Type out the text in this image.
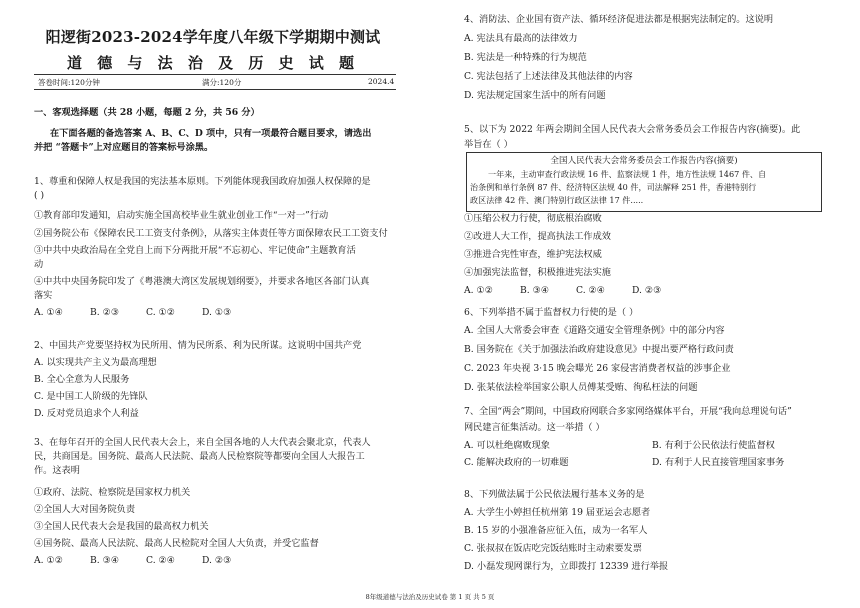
阳逻街2023-2024学年度八年级下学期期中测试
道 德 与 法 治 及 历 史 试 题
答卷时间:120分钟	满分:120分	2024.4
一、客观选择题（共 28 小题，每题 2 分，共 56 分）
在下面各题的备选答案 A、B、C、D 项中，只有一项最符合题目要求，请选出
并把 “答题卡”上对应题目的答案标号涂黑。
1、尊重和保障人权是我国的宪法基本原则。下列能体现我国政府加强人权保障的是
( )
①教育部印发通知，启动实施全国高校毕业生就业创业工作“一对一”行动
②国务院公布《保障农民工工资支付条例》，从落实主体责任等方面保障农民工工资支付
③中共中央政治局在全党自上而下分两批开展“不忘初心、牢记使命”主题教育活
动
④中共中央国务院印发了《粤港澳大湾区发展规划纲要》，并要求各地区各部门认真
落实
A. ①④	B. ②③	C. ①②	D. ①③
2、中国共产党要坚持权为民所用、情为民所系、利为民所谋。这说明中国共产党
A. 以实现共产主义为最高理想
B. 全心全意为人民服务
C. 是中国工人阶级的先锋队
D. 反对党员追求个人利益
3、在每年召开的全国人民代表大会上，来自全国各地的人大代表会聚北京，代表人
民，共商国是。国务院、最高人民法院、最高人民检察院等都要向全国人大报告工
作。这表明
①政府、法院、检察院是国家权力机关
②全国人大对国务院负责
③全国人民代表大会是我国的最高权力机关
④国务院、最高人民法院、最高人民检院对全国人大负责，并受它监督
A. ①②	B. ③④	C. ②④	D. ②③
4、消防法、企业国有资产法、循环经济促进法都是根据宪法制定的。这说明
A. 宪法具有最高的法律效力
B. 宪法是一种特殊的行为规范
C. 宪法包括了上述法律及其他法律的内容
D. 宪法规定国家生活中的所有问题
5、以下为 2022 年两会期间全国人民代表大会常务委员会工作报告内容(摘要)。此
举旨在（ ）
全国人民代表大会常务委员会工作报告内容(摘要)
一年来，主动审查行政法规 16 件、监察法规 1 件，地方性法规 1467 件、自
治条例和单行条例 87 件、经济特区法规 40 件，司法解释 251 件，香港特别行
政区法律 42 件、澳门特别行政区法律 17 件.....
①压缩公权力行使，彻底根治腐败
②改进人大工作，提高执法工作成效
③推进合宪性审查，维护宪法权威
④加强宪法监督，积极推进宪法实施
A. ①②	B. ③④	C. ②④	D. ②③
6、下列举措不属于监督权力行使的是（ ）
A. 全国人大常委会审查《道路交通安全管理条例》中的部分内容
B. 国务院在《关于加强法治政府建设意见》中提出要严格行政问责
C. 2023 年央视 3·15 晚会曝光 26 家侵害消费者权益的涉事企业
D. 张某依法检举国家公职人员傅某受贿、徇私枉法的问题
7、全国“两会”期间，中国政府网联合多家网络媒体平台，开展“我向总理说句话”
网民建言征集活动。这一举措（ ）
A. 可以杜绝腐败现象	B. 有利于公民依法行使监督权
C. 能解决政府的一切难题	D. 有利于人民直接管理国家事务
8、下列做法属于公民依法履行基本义务的是
A. 大学生小婷担任杭州第 19 届亚运会志愿者
B. 15 岁的小强准备应征入伍，成为一名军人
C. 张叔叔在饭店吃完饭结账时主动索要发票
D. 小磊发现网课行为，立即拨打 12339 进行举报
8年级道德与法治及历史试卷 第 1 页 共 5 页
